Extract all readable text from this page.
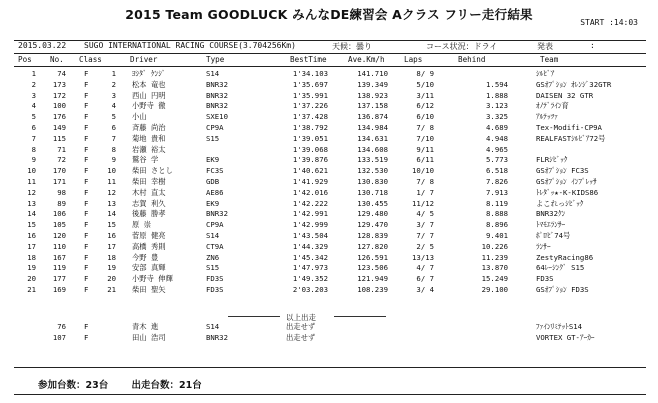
2015 Team GOODLUCK みんなDE練習会 Aクラス フリー走行結果
START :14:03
2015.03.22 SUGO INTERNATIONAL RACING COURSE(3.704256Km)	天候：曇り	コース状況：ドライ	発表	:
Pos No. Class	Driver	Type	BestTime	Ave.Km/h	Laps	Behind	Team
1	74 F	1 ﾖｼﾀﾞ ｹﾝｼﾞ	S14	1'34.103	141.710	8/ 9	ｼﾙﾋﾞｱ
2	173 F	2 松本 竜也	BNR32	1'35.697	139.349	5/10	1.594	GSｵﾌﾟｼｮﾝ ｵﾚﾝｼﾞ32GTR
3	172 F	3 西山 円明	BNR32	1'35.991	138.923	3/11	1.888	DAISEN 32 GTR
4	100 F	4 小野寺 徹	BNR32	1'37.226	137.158	6/12	3.123	ｵﾉﾃﾞﾗｲﾝ育
5	176 F	5 小山	SXE10	1'37.428	136.874	6/10	3.325	ｱﾙﾃｯﾂｧ
6	149 F	6 斉藤 尚治	CP9A	1'38.792	134.984	7/ 8	4.689	Tex-Modifi-CP9A
7	115 F	7 菊地 貴和	S15	1'39.051	134.631	7/10	4.948	REALFASTｼﾙﾋﾞｱ72号
8	71 F	8 岩瀬 裕太	1'39.068	134.608	9/11	4.965
9	72 F	9 鷲谷 学	EK9	1'39.876	133.519	6/11	5.773	FLRｼﾋﾞｯｸ
10	170 F	10 柴田 さとし	FC3S	1'40.621	132.530	10/10	6.518	GSｵﾌﾟｼｮﾝ FC3S
11	171 F	11 柴田 幸樹	GDB	1'41.929	130.830	7/ 8	7.826	GSｵﾌﾟｼｮﾝ ｲﾝﾌﾟﾚｯｻ
12	98 F	12 木村 直太	AE86	1'42.016	130.718	1/ 7	7.913	ﾄﾚﾀﾞｯ★-K-KIDS86
13	89 F	13 志賀 利久	EK9	1'42.222	130.455	11/12	8.119	よこれっｼﾋﾞｯｸ
14	106 F	14 後藤 勝孝	BNR32	1'42.991	129.480	4/ 5	8.888	BNR32ｸﾝ
15	105 F	15 原 崇	CP9A	1'42.999	129.470	3/ 7	8.896	ﾄﾏﾓｴﾗﾝｻｰ
16	120 F	16 菅原 健亮	S14	1'43.504	128.839	7/ 7	9.401	ﾎﾟﾛﾋﾞ74号
17	110 F	17 高橋 秀則	CT9A	1'44.329	127.820	2/ 5	10.226	ﾗﾝｻｰ
18	167 F	18 今野 豊	ZN6	1'45.342	126.591	13/13	11.239	ZestyRacing86
19	119 F	19 安部 真輝	S15	1'47.973	123.506	4/ 7	13.870	64ﾚｰｼﾝｸﾞ S15
20	177 F	20 小野寺 伸輝	FD3S	1'49.352	121.949	6/ 7	15.249	FD3S
21	169 F	21 柴田 聖矢	FD3S	2'03.203	108.239	3/ 4	29.100	GSｵﾌﾟｼｮﾝ FD3S
以上出走
76 F	青木 進	S14	出走せず	ﾌｧｲﾝﾘﾐﾃｯﾄS14
107 F	田山 浩司	BNR32	出走せず	VORTEX GT-ｱｰｶｰ
参加台数：23台 出走台数：21台
